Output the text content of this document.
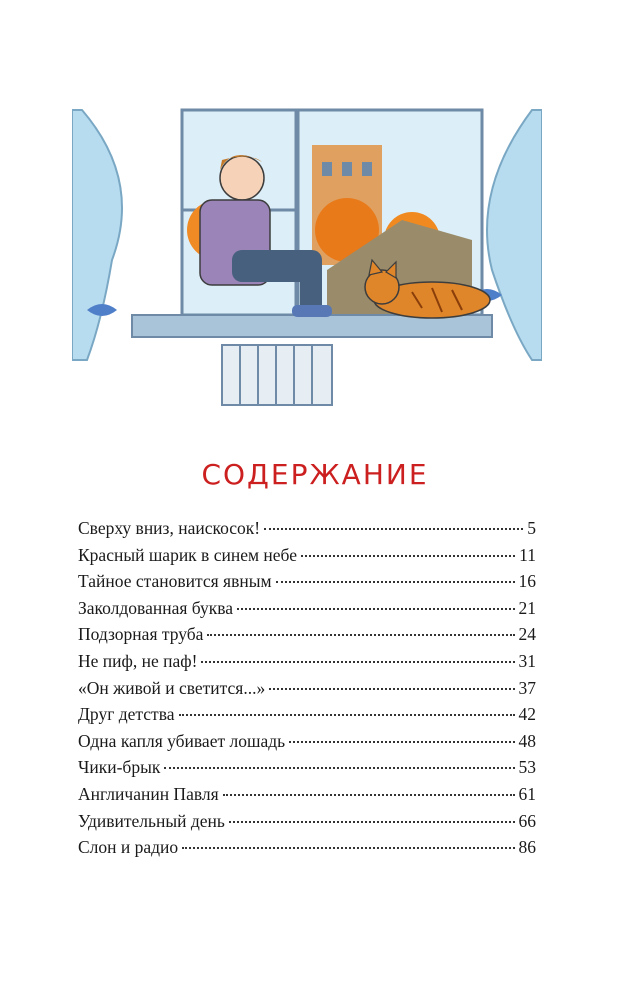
СОДЕРЖАНИЕ
Сверху вниз, наискосок!	5
Красный шарик в синем небе	11
Тайное становится явным	16
Заколдованная буква	21
Подзорная труба	24
Не пиф, не паф!	31
«Он живой и светится...»	37
Друг детства	42
Одна капля убивает лошадь	48
Чики-брык	53
Англичанин Павля	61
Удивительный день	66
Слон и радио	86
